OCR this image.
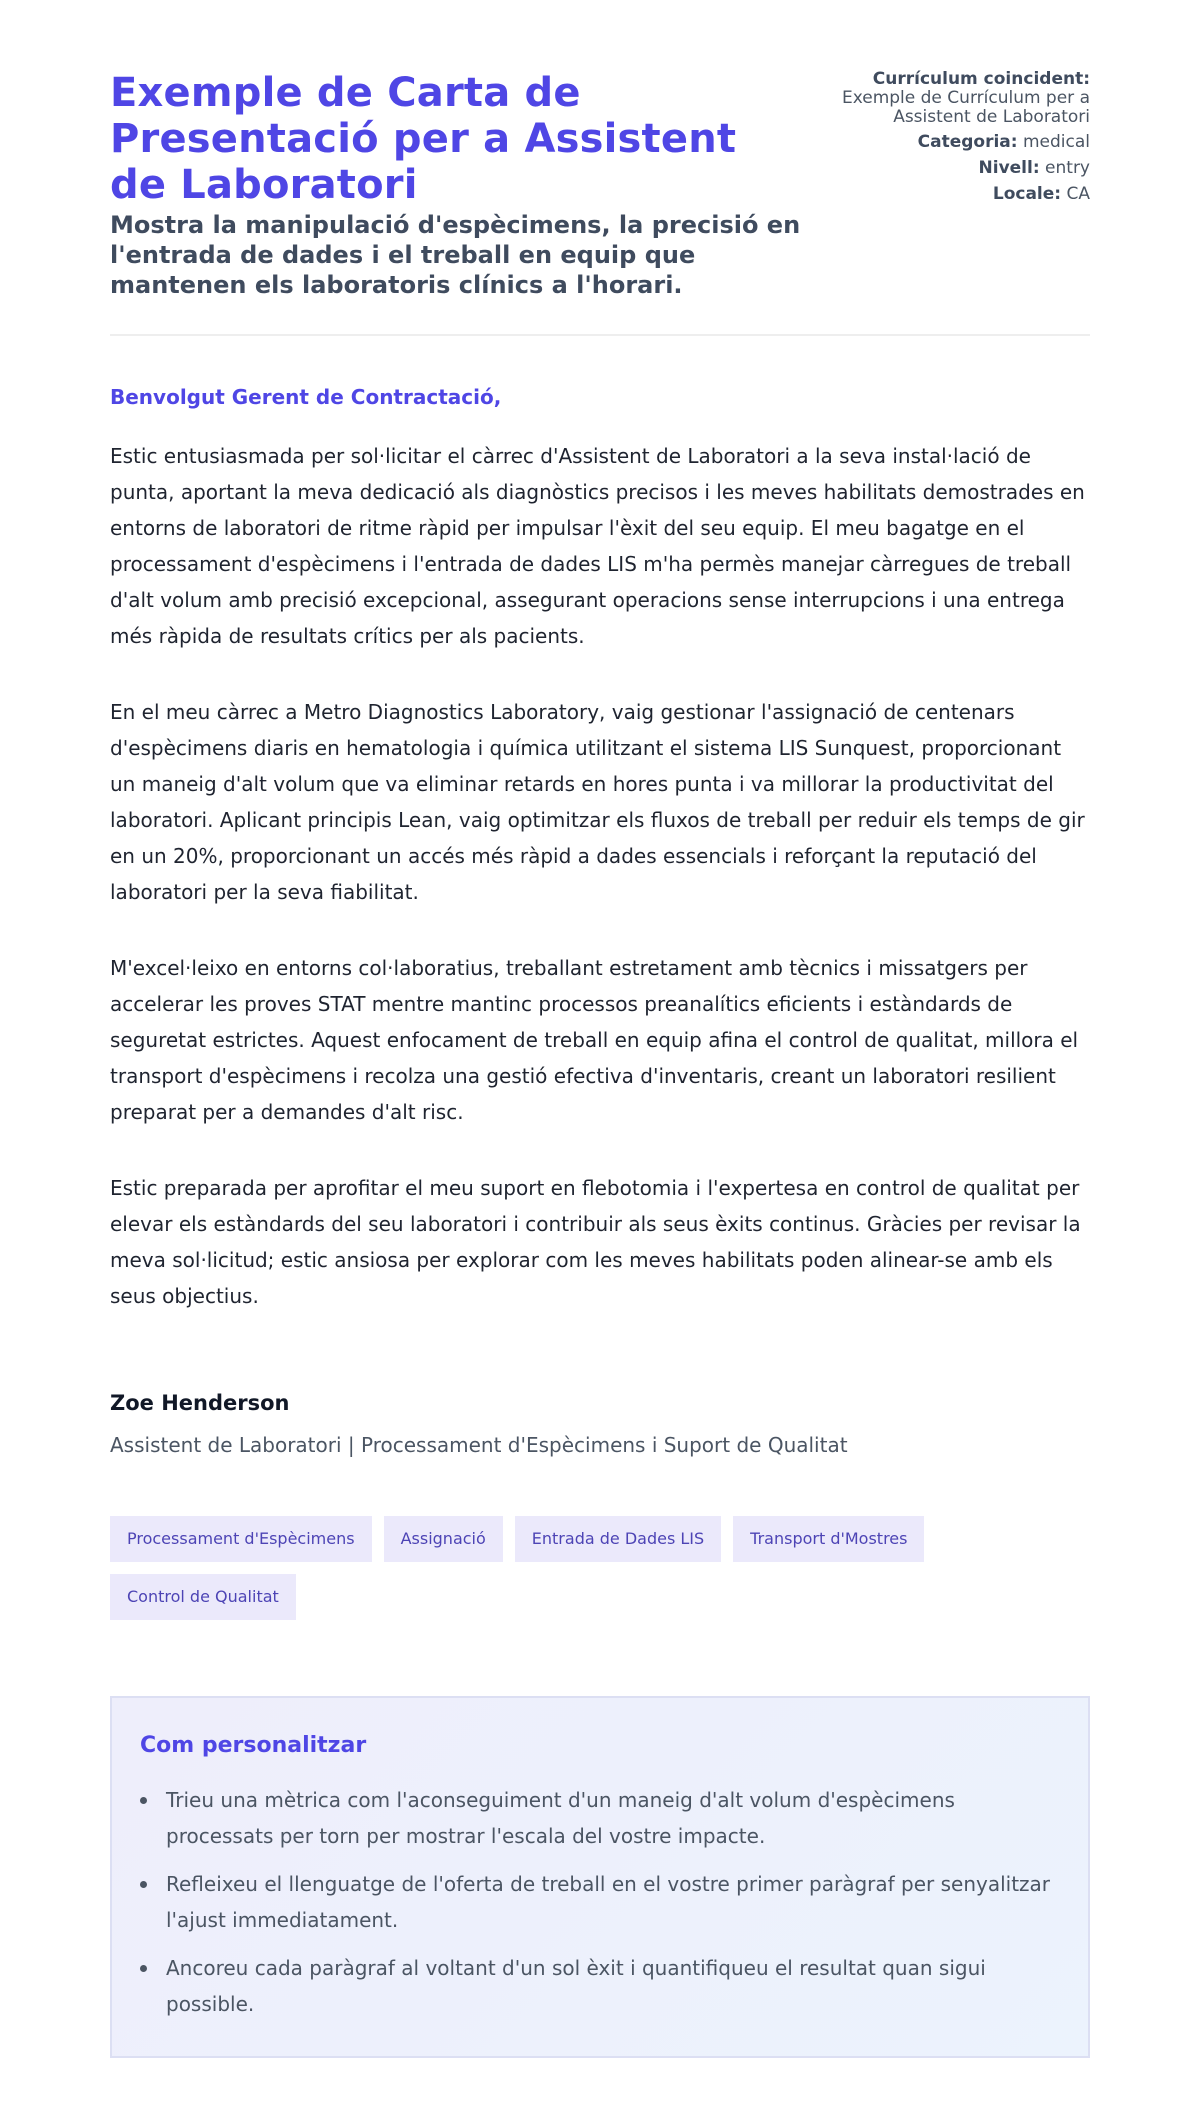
Exemple de Carta de Presentació per a Assistent de Laboratori
Mostra la manipulació d'espècimens, la precisió en l'entrada de dades i el treball en equip que mantenen els laboratoris clínics a l'horari.
Currículum coincident:
Exemple de Currículum per a Assistent de Laboratori
Categoria: medical
Nivell: entry
Locale: CA

Benvolgut Gerent de Contractació,

Estic entusiasmada per sol·licitar el càrrec d'Assistent de Laboratori a la seva instal·lació de punta, aportant la meva dedicació als diagnòstics precisos i les meves habilitats demostrades en entorns de laboratori de ritme ràpid per impulsar l'èxit del seu equip. El meu bagatge en el processament d'espècimens i l'entrada de dades LIS m'ha permès manejar càrregues de treball d'alt volum amb precisió excepcional, assegurant operacions sense interrupcions i una entrega més ràpida de resultats crítics per als pacients.

En el meu càrrec a Metro Diagnostics Laboratory, vaig gestionar l'assignació de centenars d'espècimens diaris en hematologia i química utilitzant el sistema LIS Sunquest, proporcionant un maneig d'alt volum que va eliminar retards en hores punta i va millorar la productivitat del laboratori. Aplicant principis Lean, vaig optimitzar els fluxos de treball per reduir els temps de gir en un 20%, proporcionant un accés més ràpid a dades essencials i reforçant la reputació del laboratori per la seva fiabilitat.

M'excel·leixo en entorns col·laboratius, treballant estretament amb tècnics i missatgers per accelerar les proves STAT mentre mantinc processos preanalítics eficients i estàndards de seguretat estrictes. Aquest enfocament de treball en equip afina el control de qualitat, millora el transport d'espècimens i recolza una gestió efectiva d'inventaris, creant un laboratori resilient preparat per a demandes d'alt risc.

Estic preparada per aprofitar el meu suport en flebotomia i l'expertesa en control de qualitat per elevar els estàndards del seu laboratori i contribuir als seus èxits continus. Gràcies per revisar la meva sol·licitud; estic ansiosa per explorar com les meves habilitats poden alinear-se amb els seus objectius.

Zoe Henderson
Assistent de Laboratori | Processament d'Espècimens i Suport de Qualitat
Processament d'Espècimens	Assignació	Entrada de Dades LIS	Transport d'Mostres
Control de Qualitat
Com personalitzar
Trieu una mètrica com l'aconseguiment d'un maneig d'alt volum d'espècimens processats per torn per mostrar l'escala del vostre impacte.
Refleixeu el llenguatge de l'oferta de treball en el vostre primer paràgraf per senyalitzar l'ajust immediatament.
Ancoreu cada paràgraf al voltant d'un sol èxit i quantifiqueu el resultat quan sigui possible.
